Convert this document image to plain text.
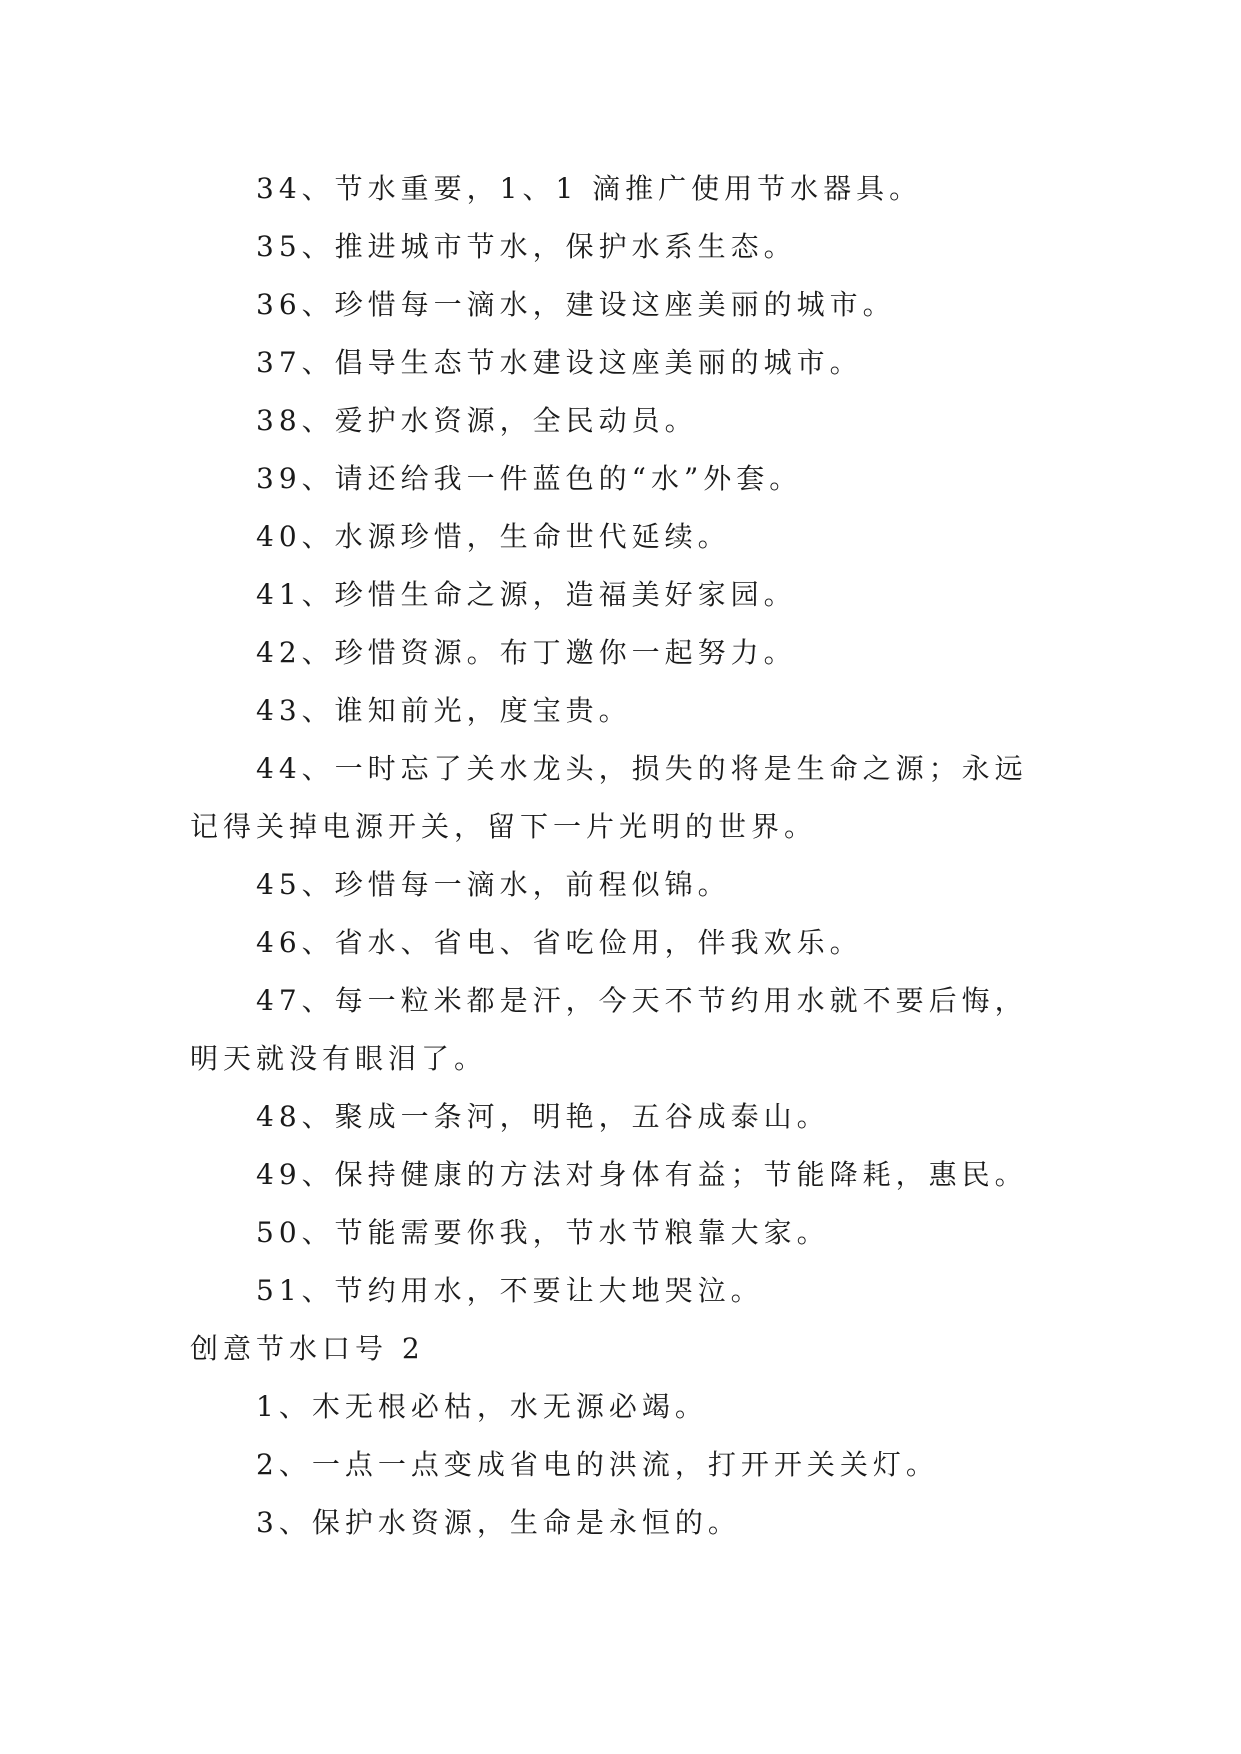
34、节水重要，1、1 滴推广使用节水器具。

35、推进城市节水，保护水系生态。

36、珍惜每一滴水，建设这座美丽的城市。

37、倡导生态节水建设这座美丽的城市。

38、爱护水资源，全民动员。

39、请还给我一件蓝色的“水”外套。

40、水源珍惜，生命世代延续。

41、珍惜生命之源，造福美好家园。

42、珍惜资源。布丁邀你一起努力。

43、谁知前光，度宝贵。

44、一时忘了关水龙头，损失的将是生命之源；永远记得关掉电源开关，留下一片光明的世界。

45、珍惜每一滴水，前程似锦。

46、省水、省电、省吃俭用，伴我欢乐。

47、每一粒米都是汗，今天不节约用水就不要后悔，明天就没有眼泪了。

48、聚成一条河，明艳，五谷成泰山。

49、保持健康的方法对身体有益；节能降耗，惠民。

50、节能需要你我，节水节粮靠大家。

51、节约用水，不要让大地哭泣。

创意节水口号 2

1、木无根必枯，水无源必竭。

2、一点一点变成省电的洪流，打开开关关灯。

3、保护水资源，生命是永恒的。
